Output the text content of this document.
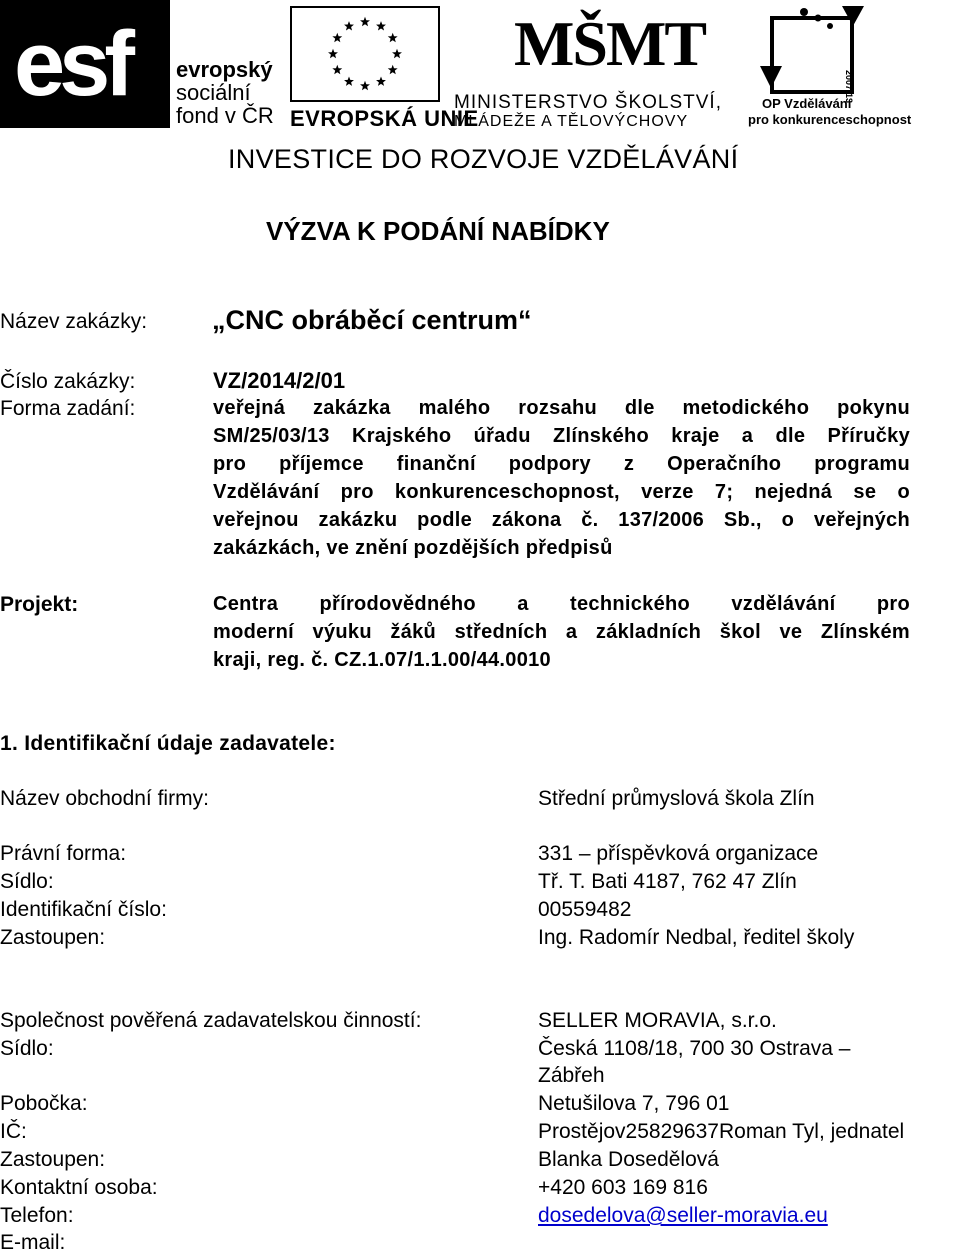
esf	evropský
sociální
fond v ČR EVROPSKÁ UNIE
MŠMT
MINISTERSTVO ŠKOLSTVÍ,
MLÁDEŽE A TĚLOVÝCHOVY
2007-13
OP Vzdělávání
pro konkurenceschopnost
INVESTICE DO ROZVOJE VZDĚLÁVÁNÍ
VÝZVA K PODÁNÍ NABÍDKY
Název zakázky: „CNC obráběcí centrum“
Číslo zakázky:	VZ/2014/2/01
Forma zadání:	veřejná zakázka malého rozsahu dle metodického pokynu
SM/25/03/13 Krajského úřadu Zlínského kraje a dle Příručky
pro příjemce finanční podpory z Operačního programu
Vzdělávání pro konkurenceschopnost, verze 7; nejedná se o
veřejnou zakázku podle zákona č. 137/2006 Sb., o veřejných
zakázkách, ve znění pozdějších předpisů
Projekt:	Centra přírodovědného a technického vzdělávání pro
moderní výuku žáků středních a základních škol ve Zlínském
kraji, reg. č. CZ.1.07/1.1.00/44.0010
1. Identifikační údaje zadavatele:
Název obchodní firmy:	Střední průmyslová škola Zlín
Právní forma:	331 – příspěvková organizace
Sídlo:	Tř. T. Bati 4187, 762 47 Zlín
Identifikační číslo:	00559482
Zastoupen:	Ing. Radomír Nedbal, ředitel školy
Společnost pověřená zadavatelskou činností:	SELLER MORAVIA, s.r.o.
Sídlo:	Česká 1108/18, 700 30 Ostrava –
Zábřeh
Pobočka:	Netušilova 7, 796 01
IČ:	Prostějov25829637Roman Tyl, jednatel
Zastoupen:	Blanka Dosedělová
Kontaktní osoba:	+420 603 169 816
Telefon:	dosedelova@seller-moravia.eu
E-mail:
